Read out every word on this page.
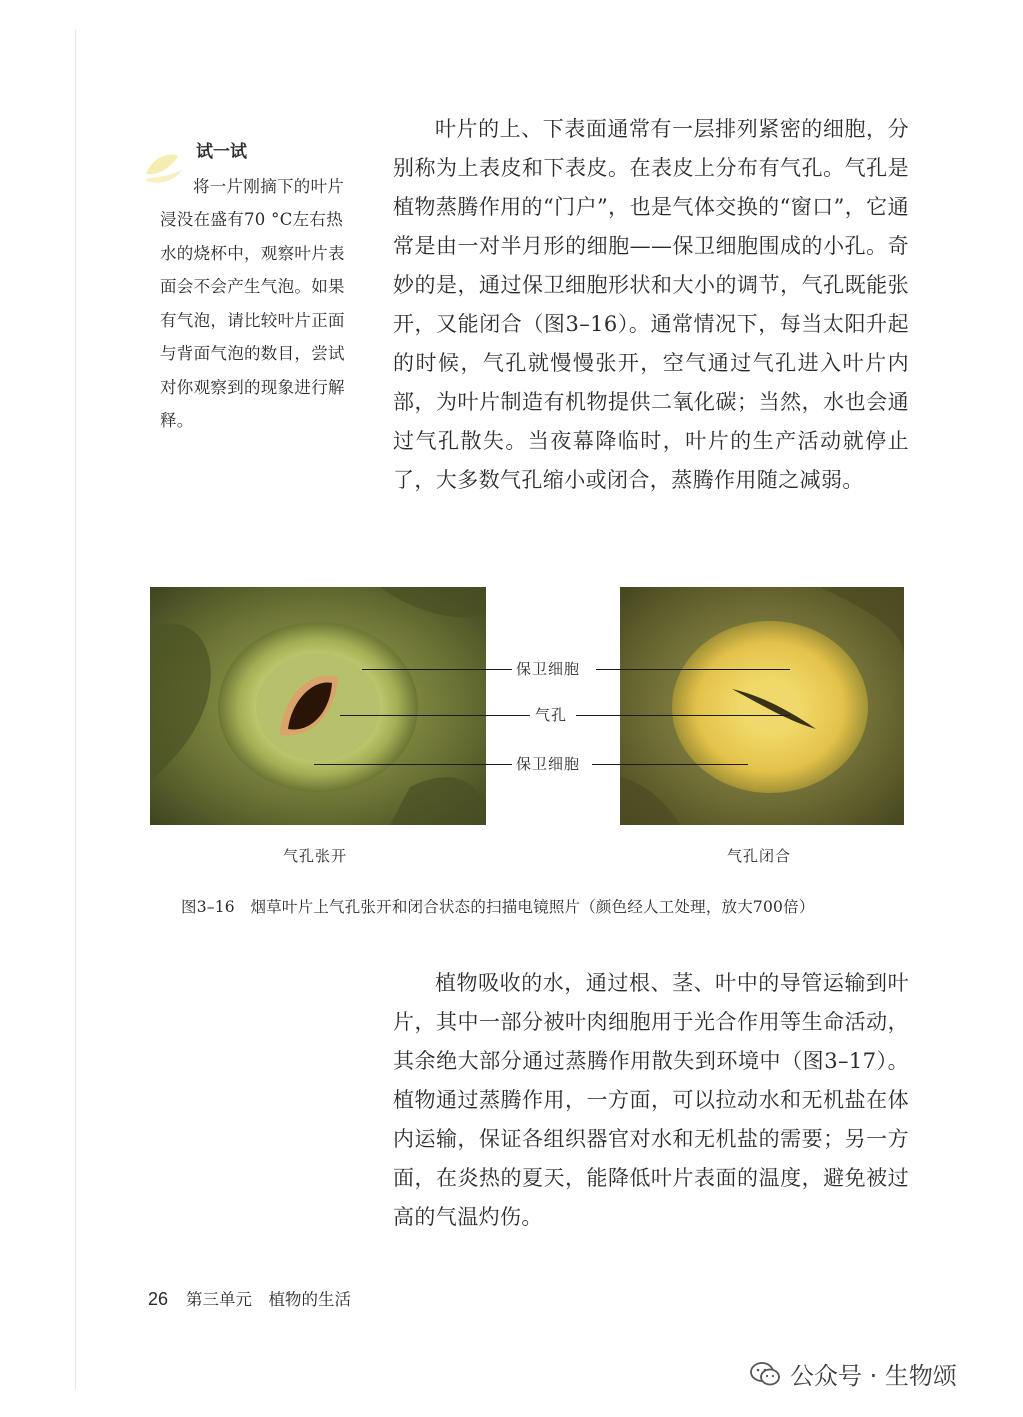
试一试
将一片刚摘下的叶片浸没在盛有70 °C左右热水的烧杯中，观察叶片表面会不会产生气泡。如果有气泡，请比较叶片正面与背面气泡的数目，尝试对你观察到的现象进行解释。
叶片的上、下表面通常有一层排列紧密的细胞，分别称为上表皮和下表皮。在表皮上分布有气孔。气孔是植物蒸腾作用的“门户”，也是气体交换的“窗口”，它通常是由一对半月形的细胞——保卫细胞围成的小孔。奇妙的是，通过保卫细胞形状和大小的调节，气孔既能张开，又能闭合（图3–16）。通常情况下，每当太阳升起的时候，气孔就慢慢张开，空气通过气孔进入叶片内部，为叶片制造有机物提供二氧化碳；当然，水也会通过气孔散失。当夜幕降临时，叶片的生产活动就停止了，大多数气孔缩小或闭合，蒸腾作用随之减弱。
保卫细胞
气孔
保卫细胞
气孔张开	气孔闭合
图3–16　烟草叶片上气孔张开和闭合状态的扫描电镜照片（颜色经人工处理，放大700倍）
植物吸收的水，通过根、茎、叶中的导管运输到叶片，其中一部分被叶肉细胞用于光合作用等生命活动，其余绝大部分通过蒸腾作用散失到环境中（图3–17）。植物通过蒸腾作用，一方面，可以拉动水和无机盐在体内运输，保证各组织器官对水和无机盐的需要；另一方面，在炎热的夏天，能降低叶片表面的温度，避免被过高的气温灼伤。
26 第三单元　植物的生活
公众号 · 生物颂
